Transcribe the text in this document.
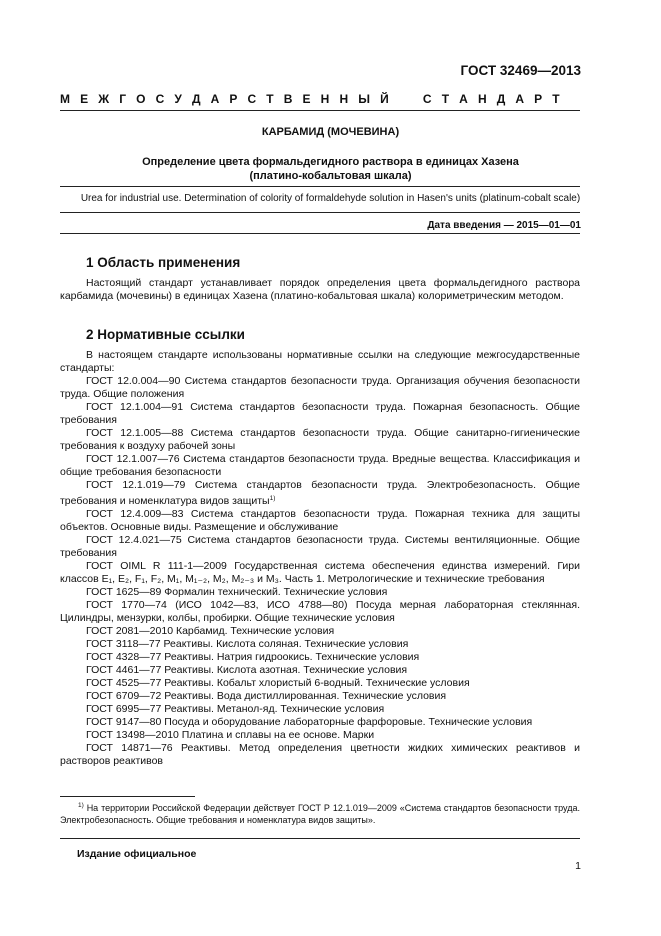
ГОСТ 32469—2013
М Е Ж Г О С У Д А Р С Т В Е Н Н Ы Й	С Т А Н Д А Р Т
КАРБАМИД (МОЧЕВИНА)
Определение цвета формальдегидного раствора в единицах Хазена
(платино-кобальтовая шкала)
Urea for industrial use. Determination of colority of formaldehyde solution in Hasen's units (platinum-cobalt scale)
Дата введения — 2015—01—01
1 Область применения

Настоящий стандарт устанавливает порядок определения цвета формальдегидного раствора карбамида (мочевины) в единицах Хазена (платино-кобальтовая шкала) колориметрическим методом.

2 Нормативные ссылки
В настоящем стандарте использованы нормативные ссылки на следующие межгосударственные стандарты:
ГОСТ 12.0.004—90 Система стандартов безопасности труда. Организация обучения безопасности труда. Общие положения
ГОСТ 12.1.004—91 Система стандартов безопасности труда. Пожарная безопасность. Общие требования
ГОСТ 12.1.005—88 Система стандартов безопасности труда. Общие санитарно-гигиенические требования к воздуху рабочей зоны
ГОСТ 12.1.007—76 Система стандартов безопасности труда. Вредные вещества. Классификация и общие требования безопасности
ГОСТ 12.1.019—79 Система стандартов безопасности труда. Электробезопасность. Общие требования и номенклатура видов защиты$^{1)}$
ГОСТ 12.4.009—83 Система стандартов безопасности труда. Пожарная техника для защиты объектов. Основные виды. Размещение и обслуживание
ГОСТ 12.4.021—75 Система стандартов безопасности труда. Системы вентиляционные. Общие требования
ГОСТ OIML R 111-1—2009 Государственная система обеспечения единства измерений. Гири классов E₁, E₂, F₁, F₂, M₁, M₁₋₂, M₂, M₂₋₃ и M₃. Часть 1. Метрологические и технические требования
ГОСТ 1625—89 Формалин технический. Технические условия
ГОСТ 1770—74 (ИСО 1042—83, ИСО 4788—80) Посуда мерная лабораторная стеклянная. Цилиндры, мензурки, колбы, пробирки. Общие технические условия
ГОСТ 2081—2010 Карбамид. Технические условия
ГОСТ 3118—77 Реактивы. Кислота соляная. Технические условия
ГОСТ 4328—77 Реактивы. Натрия гидроокись. Технические условия
ГОСТ 4461—77 Реактивы. Кислота азотная. Технические условия
ГОСТ 4525—77 Реактивы. Кобальт хлористый 6-водный. Технические условия
ГОСТ 6709—72 Реактивы. Вода дистиллированная. Технические условия
ГОСТ 6995—77 Реактивы. Метанол-яд. Технические условия
ГОСТ 9147—80 Посуда и оборудование лабораторные фарфоровые. Технические условия
ГОСТ 13498—2010 Платина и сплавы на ее основе. Марки
ГОСТ 14871—76 Реактивы. Метод определения цветности жидких химических реактивов и растворов реактивов
$^{1)}$ На территории Российской Федерации действует ГОСТ Р 12.1.019—2009 «Система стандартов безопасности труда. Электробезопасность. Общие требования и номенклатура видов защиты».
Издание официальное
1
